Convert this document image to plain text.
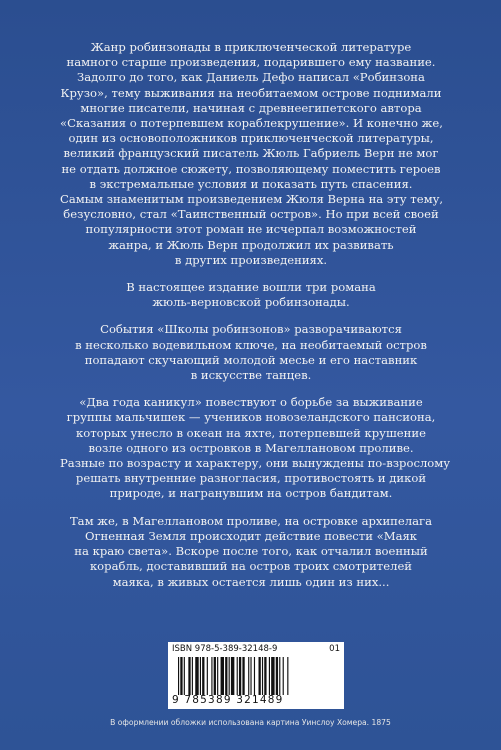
Жанр робинзонады в приключенческой литературе
намного старше произведения, подарившего ему название.
Задолго до того, как Даниель Дефо написал «Робинзона
Крузо», тему выживания на необитаемом острове поднимали
многие писатели, начиная с древнеегипетского автора
«Сказания о потерпевшем кораблекрушение». И конечно же,
один из основоположников приключенческой литературы,
великий французский писатель Жюль Габриель Верн не мог
не отдать должное сюжету, позволяющему поместить героев
в экстремальные условия и показать путь спасения.
Самым знаменитым произведением Жюля Верна на эту тему,
безусловно, стал «Таинственный остров». Но при всей своей
популярности этот роман не исчерпал возможностей
жанра, и Жюль Верн продолжил их развивать
в других произведениях.

В настоящее издание вошли три романа
жюль-верновской робинзонады.

События «Школы робинзонов» разворачиваются
в несколько водевильном ключе, на необитаемый остров
попадают скучающий молодой месье и его наставник
в искусстве танцев.

«Два года каникул» повествуют о борьбе за выживание
группы мальчишек — учеников новозеландского пансиона,
которых унесло в океан на яхте, потерпевшей крушение
возле одного из островков в Магеллановом проливе.
Разные по возрасту и характеру, они вынуждены по-взрослому
решать внутренние разногласия, противостоять и дикой
природе, и награнувшим на остров бандитам.

Там же, в Магеллановом проливе, на островке архипелага
Огненная Земля происходит действие повести «Маяк
на краю света». Вскоре после того, как отчалил военный
корабль, доставивший на остров троих смотрителей
маяка, в живых остается лишь один из них...

ISBN 978-5-389-32148-9	01
9 785389 321489
В оформлении обложки использована картина Уинслоу Хомера. 1875
